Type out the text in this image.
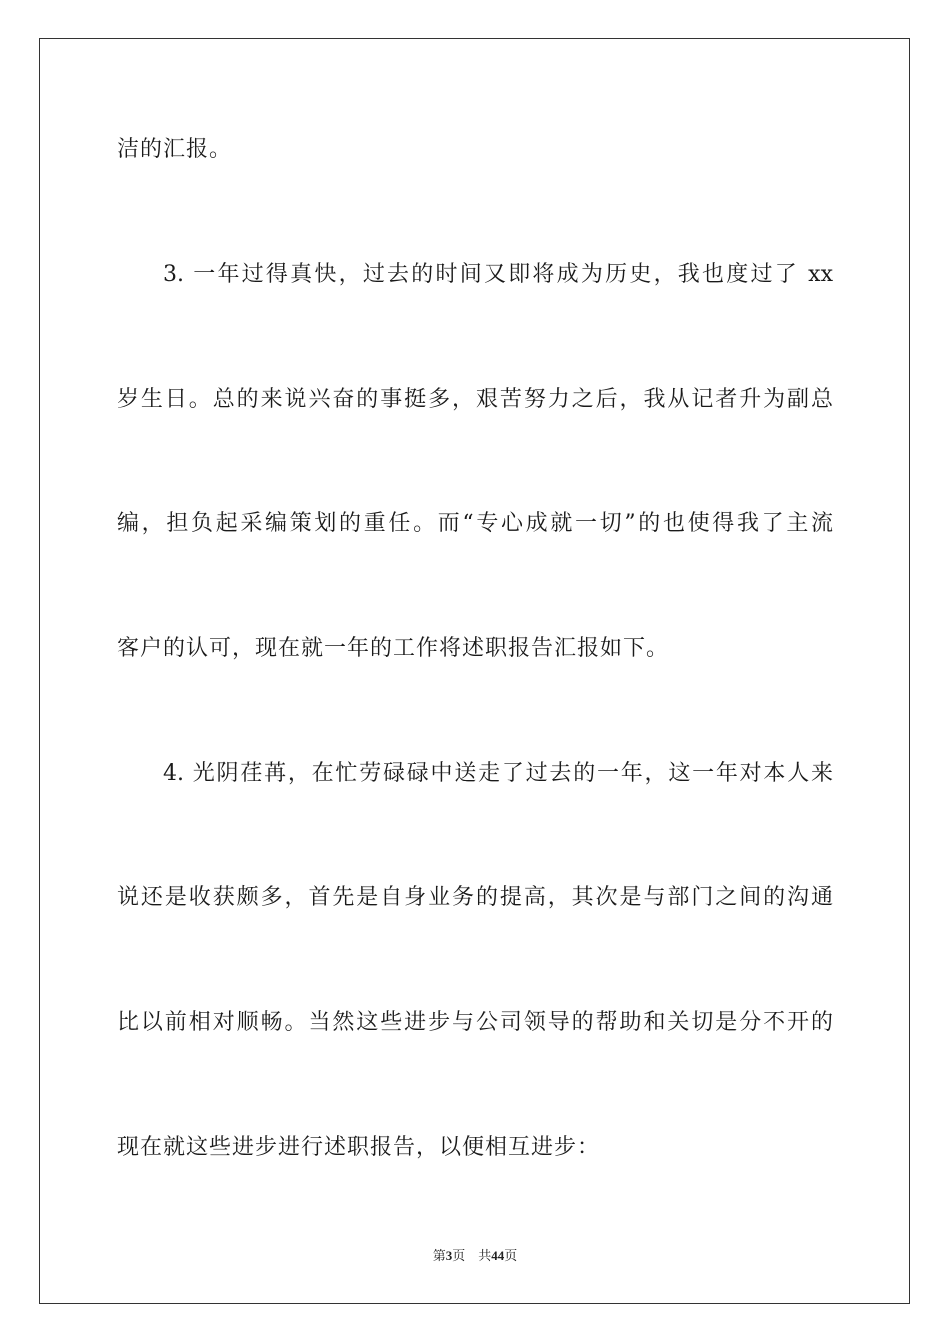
洁的汇报。
3. 一年过得真快，过去的时间又即将成为历史，我也度过了 xx
岁生日。总的来说兴奋的事挺多，艰苦努力之后，我从记者升为副总
编，担负起采编策划的重任。而“专心成就一切”的也使得我了主流
客户的认可，现在就一年的工作将述职报告汇报如下。
4. 光阴荏苒，在忙劳碌碌中送走了过去的一年，这一年对本人来
说还是收获颇多，首先是自身业务的提高，其次是与部门之间的沟通
比以前相对顺畅。当然这些进步与公司领导的帮助和关切是分不开的
现在就这些进步进行述职报告，以便相互进步：
第3页 共44页
